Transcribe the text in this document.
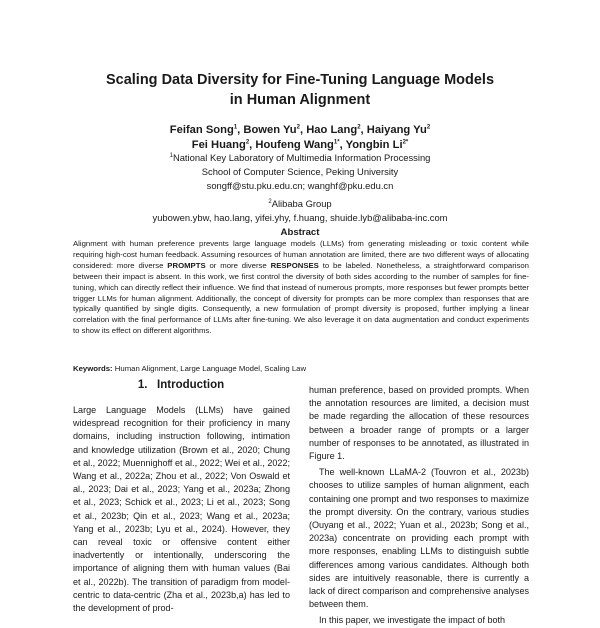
Scaling Data Diversity for Fine-Tuning Language Models
in Human Alignment
Feifan Song$^1$, Bowen Yu$^2$, Hao Lang$^2$, Haiyang Yu$^2$
Fei Huang$^2$, Houfeng Wang$^{1*}$, Yongbin $Li^{2*}$
$^1$National Key Laboratory of Multimedia Information Processing
School of Computer Science, Peking University
songff@stu.pku.edu.cn; wanghf@pku.edu.cn
$^2$Alibaba Group
yubowen.ybw, hao.lang, yifei.yhy, f.huang, shuide.lyb@alibaba-inc.com
Abstract
Alignment with human preference prevents large language models (LLMs) from generating misleading or toxic content while requiring high-cost human feedback. Assuming resources of human annotation are limited, there are two different ways of allocating considered: more diverse PROMPTS or more diverse RESPONSES to be labeled. Nonetheless, a straightforward comparison between their impact is absent. In this work, we first control the diversity of both sides according to the number of samples for fine-tuning, which can directly reflect their influence. We find that instead of numerous prompts, more responses but fewer prompts better trigger LLMs for human alignment. Additionally, the concept of diversity for prompts can be more complex than responses that are typically quantified by single digits. Consequently, a new formulation of prompt diversity is proposed, further implying a linear correlation with the final performance of LLMs after fine-tuning. We also leverage it on data augmentation and conduct experiments to show its effect on different algorithms.
Keywords: Human Alignment, Large Language Model, Scaling Law
1. Introduction

Large Language Models (LLMs) have gained widespread recognition for their proficiency in many domains, including instruction following, intimation and knowledge utilization (Brown et al., 2020; Chung et al., 2022; Muennighoff et al., 2022; Wei et al., 2022; Wang et al., 2022a; Zhou et al., 2022; Von Oswald et al., 2023; Dai et al., 2023; Yang et al., 2023a; Zhong et al., 2023; Schick et al., 2023; Li et al., 2023; Song et al., 2023b; Qin et al., 2023; Wang et al., 2023a; Yang et al., 2023b; Lyu et al., 2024). However, they can reveal toxic or offensive content either inadvertently or intentionally, underscoring the importance of aligning them with human values (Bai et al., 2022b). The transition of paradigm from model-centric to data-centric (Zha et al., 2023b,a) has led to the development of prod-

human preference, based on provided prompts. When the annotation resources are limited, a decision must be made regarding the allocation of these resources between a broader range of prompts or a larger number of responses to be annotated, as illustrated in Figure 1.

The well-known LLaMA-2 (Touvron et al., 2023b) chooses to utilize samples of human alignment, each containing one prompt and two responses to maximize the prompt diversity. On the contrary, various studies (Ouyang et al., 2022; Yuan et al., 2023b; Song et al., 2023a) concentrate on providing each prompt with more responses, enabling LLMs to distinguish subtle differences among various candidates. Although both sides are intuitively reasonable, there is currently a lack of direct comparison and comprehensive analyses between them.

In this paper, we investigate the impact of both
